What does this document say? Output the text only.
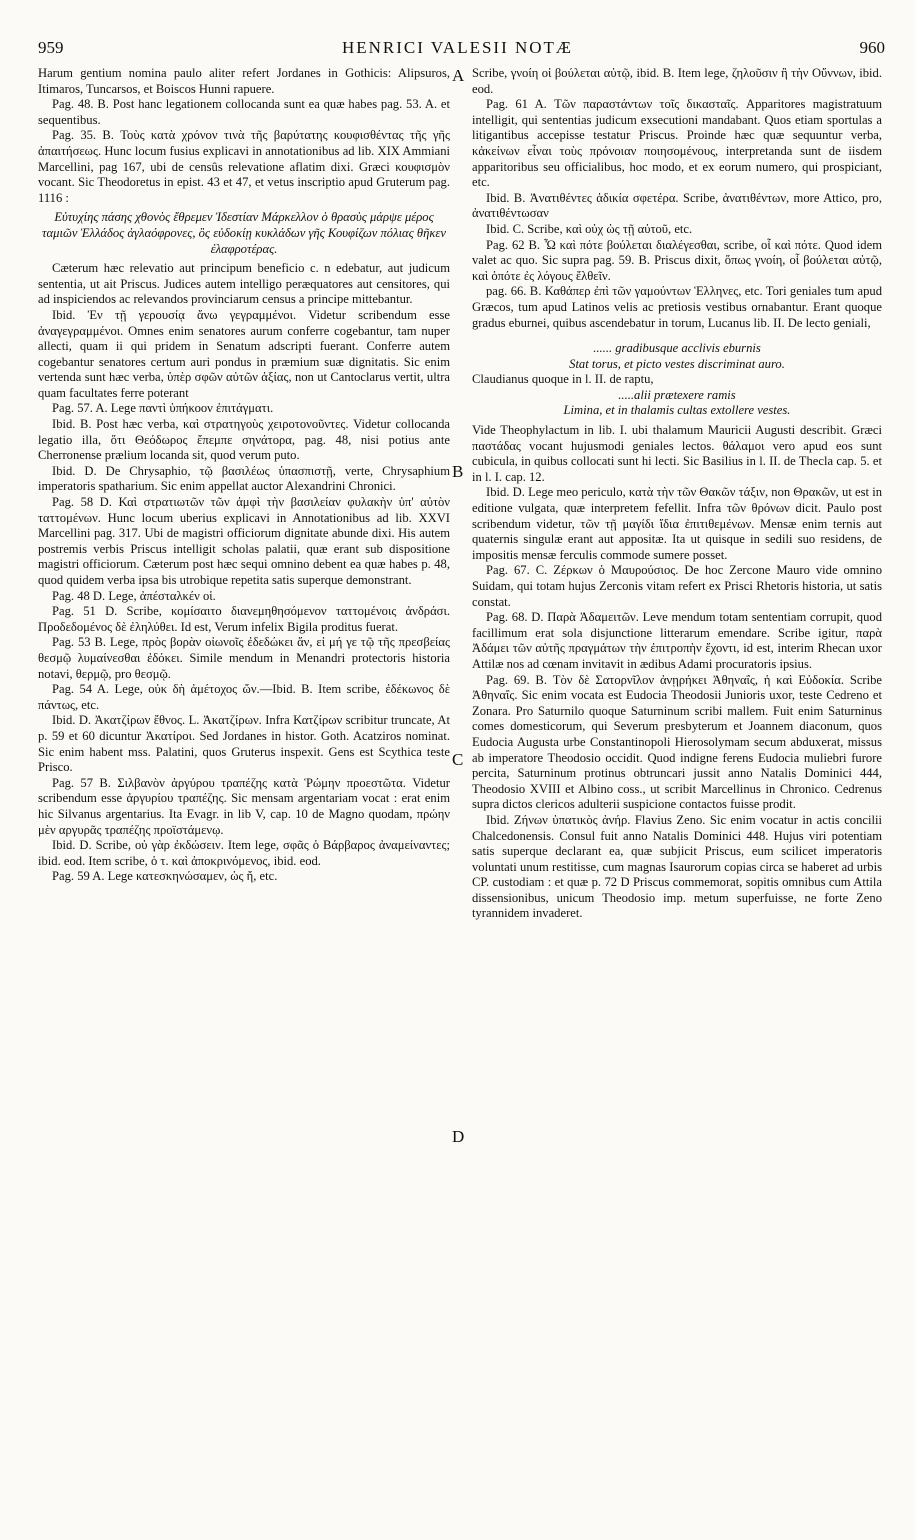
959	HENRICI VALESII NOTÆ	960
A
B
C
D

Harum gentium nomina paulo aliter refert Jordanes in Gothicis: Alipsuros, Itimaros, Tuncarsos, et Boiscos Hunni rapuere.

Pag. 48. B. Post hanc legationem collocanda sunt ea quæ habes pag. 53. A. et sequentibus.

Pag. 35. B. Τοὺς κατὰ χρόνον τινὰ τῆς βαρύτατης κουφισθέντας τῆς γῆς ἀπαιτήσεως. Hunc locum fusius explicavi in annotationibus ad lib. XIX Ammiani Marcellini, pag 167, ubi de censûs relevatione aflatim dixi. Græci κουφισμὸν vocant. Sic Theodoretus in epist. 43 et 47, et vetus inscriptio apud Gruterum pag. 1116 :

Εὐτυχίης πάσης χθονὸς ἔθρεμεν Ἰδεστίαν Μάρκελλον ὁ θρασὺς μάρψε μέρος ταμιῶν Ἑλλάδος ἀγλαόφρονες, ὃς εὐδοκίῃ κυκλάδων γῆς Κουφίζων πόλιας θῆκεν ἐλαφροτέρας.

Cæterum hæc relevatio aut principum beneficio c. n edebatur, aut judicum sententia, ut ait Priscus. Judices autem intelligo peræquatores aut censitores, qui ad inspiciendos ac relevandos provinciarum census a principe mittebantur.

Ibid. Ἐν τῇ γερουσίᾳ ἄνω γεγραμμένοι. Videtur scribendum esse ἀναγεγραμμένοι. Omnes enim senatores aurum conferre cogebantur, tam nuper allecti, quam ii qui pridem in Senatum adscripti fuerant. Conferre autem cogebantur senatores certum auri pondus in præmium suæ dignitatis. Sic enim vertenda sunt hæc verba, ὑπὲρ σφῶν αὐτῶν ἀξίας, non ut Cantoclarus vertit, ultra quam facultates ferre poterant

Pag. 57. A. Lege παντὶ ὑπήκοον ἐπιτάγματι.

Ibid. B. Post hæc verba, καὶ στρατηγοὺς χειροτονοῦντες. Videtur collocanda legatio illa, ὅτι Θεόδωρος ἔπεμπε σηνάτορα, pag. 48, nisi potius ante Cherronense prælium locanda sit, quod verum puto.

Ibid. D. De Chrysaphio, τῷ βασιλέως ὑπασπιστῇ, verte, Chrysaphium imperatoris spatharium. Sic enim appellat auctor Alexandrini Chronici.

Pag. 58 D. Καὶ στρατιωτῶν τῶν ἀμφὶ τὴν βασιλείαν φυλακὴν ὑπ' αὐτὸν ταττομένων. Hunc locum uberius explicavi in Annotationibus ad lib. XXVI Marcellini pag. 317. Ubi de magistri officiorum dignitate abunde dixi. His autem postremis verbis Priscus intelligit scholas palatii, quæ erant sub dispositione magistri officiorum. Cæterum post hæc sequi omnino debent ea quæ habes p. 48, quod quidem verba ipsa bis utrobique repetita satis superque demonstrant.

Pag. 48 D. Lege, ἀπέσταλκέν οἱ.

Pag. 51 D. Scribe, κομίσαιτο διανεμηθησόμενον ταττομένοις ἀνδράσι. Προδεδομένος δὲ ἐληλύθει. Id est, Verum infelix Bigila proditus fuerat.

Pag. 53 B. Lege, πρὸς βορὰν οἰωνοῖς ἐδεδώκει ἄν, εἰ μή γε τῷ τῆς πρεσβείας θεσμῷ λυμαίνεσθαι ἐδόκει. Simile mendum in Menandri protectoris historia notavi, θερμῷ, pro θεσμῷ.

Pag. 54 A. Lege, οὐκ δὴ ἀμέτοχος ὤν.—Ibid. B. Item scribe, ἐδέκωνος δὲ πάντως, etc.

Ibid. D. Ἀκατζίρων ἔθνος. L. Ἀκατζίρων. Infra Κατζίρων scribitur truncate, At p. 59 et 60 dicuntur Ἀκατίροι. Sed Jordanes in histor. Goth. Acatziros nominat. Sic enim habent mss. Palatini, quos Gruterus inspexit. Gens est Scythica teste Prisco.

Pag. 57 B. Σιλβανὸν ἀργύρου τραπέζης κατὰ Ῥώμην προεστῶτα. Videtur scribendum esse ἀργυρίου τραπέζης. Sic mensam argentariam vocat : erat enim hic Silvanus argentarius. Ita Evagr. in lib V, cap. 10 de Magno quodam, πρώην μὲν αργυρᾶς τραπέζης προϊστάμενῳ.

Ibid. D. Scribe, οὐ γὰρ ἐκδώσειν. Item lege, σφᾶς ὁ Βάρβαρος ἀναμείναντες; ibid. eod. Item scribe, ὁ τ. καὶ ἀποκρινόμενος, ibid. eod.

Pag. 59 A. Lege κατεσκηνώσαμεν, ὡς ἤ, etc.

Scribe, γνοίη οἱ βούλεται αὐτῷ, ibid. B. Item lege, ζηλοῦσιν ἢ τὴν Οὔννων, ibid. eod.

Pag. 61 A. Τῶν παραστάντων τοῖς δικασταῖς. Apparitores magistratuum intelligit, qui sententias judicum exsecutioni mandabant. Quos etiam sportulas a litigantibus accepisse testatur Priscus. Proinde hæc quæ sequuntur verba, κἀκείνων εἶναι τοὺς πρόνοιαν ποιησομένους, interpretanda sunt de iisdem apparitoribus seu officialibus, hoc modo, et ex eorum numero, qui prospiciant, etc.

Ibid. B. Ἀνατιθέντες ἀδικία σφετέρα. Scribe, ἀνατιθέντων, more Attico, pro, ἀνατιθέντωσαν

Ibid. C. Scribe, καὶ οὐχ ὡς τῇ αὐτοῦ, etc.

Pag. 62 B. Ὦ καὶ πότε βούλεται διαλέγεσθαι, scribe, οἷ καὶ πότε. Quod idem valet ac quo. Sic supra pag. 59. B. Priscus dixit, ὅπως γνοίη, οἷ βούλεται αὐτῷ, καὶ ὁπότε ἐς λόγους ἔλθεῖν.

pag. 66. B. Καθάπερ ἐπὶ τῶν γαμούντων Ἑλληνες, etc. Tori geniales tum apud Græcos, tum apud Latinos velis ac pretiosis vestibus ornabantur. Erant quoque gradus eburnei, quibus ascendebatur in torum, Lucanus lib. II. De lecto geniali,

...... gradibusque acclivis eburnis

Stat torus, et picto vestes discriminat auro.

Claudianus quoque in l. II. de raptu,

.....alii prætexere ramis

Limina, et in thalamis cultas extollere vestes.

Vide Theophylactum in lib. I. ubi thalamum Mauricii Augusti describit. Græci παστάδας vocant hujusmodi geniales lectos. θάλαμοι vero apud eos sunt cubicula, in quibus collocati sunt hi lecti. Sic Basilius in l. II. de Thecla cap. 5. et in l. I. cap. 12.

Ibid. D. Lege meo periculo, κατὰ τὴν τῶν Θακῶν τάξιν, non Θρακῶν, ut est in editione vulgata, quæ interpretem fefellit. Infra τῶν θρόνων dicit. Paulo post scribendum videtur, τῶν τῇ μαγίδι ἴδια ἐπιτιθεμένων. Mensæ enim ternis aut quaternis singulæ erant aut appositæ. Ita ut quisque in sedili suo residens, de impositis mensæ ferculis commode sumere posset.

Pag. 67. C. Ζέρκων ὁ Μαυρούσιος. De hoc Zercone Mauro vide omnino Suidam, qui totam hujus Zerconis vitam refert ex Prisci Rhetoris historia, ut satis constat.

Pag. 68. D. Παρὰ Ἀδαμειτῶν. Leve mendum totam sententiam corrupit, quod facillimum erat sola disjunctione litterarum emendare. Scribe igitur, παρὰ Ἀδάμει τῶν αὐτῆς πραγμάτων τὴν ἐπιτροπὴν ἔχοντι, id est, interim Rhecan uxor Attilæ nos ad cœnam invitavit in ædibus Adami procuratoris ipsius.

Pag. 69. B. Τὸν δὲ Σατορνῖλον ἀνῃρήκει Ἀθηναΐς, ἡ καὶ Εὐδοκία. Scribe Ἀθηναΐς. Sic enim vocata est Eudocia Theodosii Junioris uxor, teste Cedreno et Zonara. Pro Saturnilo quoque Saturninum scribi mallem. Fuit enim Saturninus comes domesticorum, qui Severum presbyterum et Joannem diaconum, quos Eudocia Augusta urbe Constantinopoli Hierosolymam secum abduxerat, missus ab imperatore Theodosio occidit. Quod indigne ferens Eudocia muliebri furore percita, Saturninum protinus obtruncari jussit anno Natalis Dominici 444, Theodosio XVIII et Albino coss., ut scribit Marcellinus in Chronico. Cedrenus supra dictos clericos adulterii suspicione contactos fuisse prodit.

Ibid. Ζήνων ὑπατικὸς ἀνήρ. Flavius Zeno. Sic enim vocatur in actis concilii Chalcedonensis. Consul fuit anno Natalis Dominici 448. Hujus viri potentiam satis superque declarant ea, quæ subjicit Priscus, eum scilicet imperatoris voluntati unum restitisse, cum magnas Isaurorum copias circa se haberet ad urbis CP. custodiam : et quæ p. 72 D Priscus commemorat, sopitis omnibus cum Attila dissensionibus, unicum Theodosio imp. metum superfuisse, ne forte Zeno tyrannidem invaderet.
